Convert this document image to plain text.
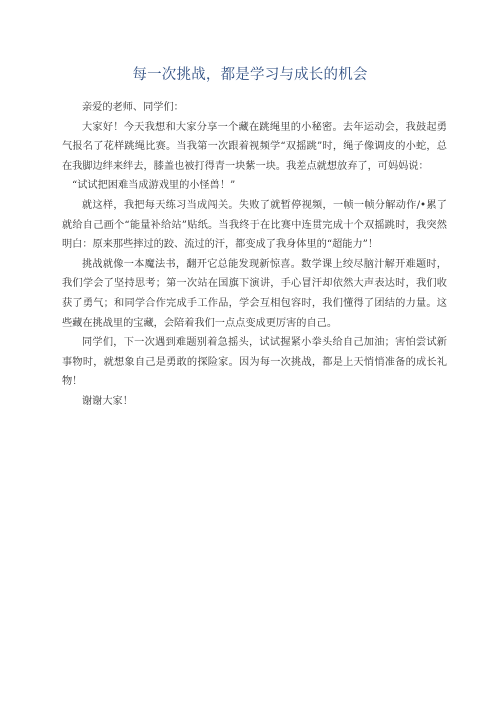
每一次挑战，都是学习与成长的机会

亲爱的老师、同学们：

大家好！今天我想和大家分享一个藏在跳绳里的小秘密。去年运动会，我鼓起勇气报名了花样跳绳比赛。当我第一次跟着视频学“双摇跳”时，绳子像调皮的小蛇，总在我脚边绊来绊去，膝盖也被打得青一块紫一块。我差点就想放弃了，可妈妈说：

“试试把困难当成游戏里的小怪兽！”

就这样，我把每天练习当成闯关。失败了就暂停视频，一帧一帧分解动作/•累了就给自己画个“能量补给站”贴纸。当我终于在比赛中连贯完成十个双摇跳时，我突然明白：原来那些摔过的跤、流过的汗，都变成了我身体里的“超能力”！

挑战就像一本魔法书，翻开它总能发现新惊喜。数学课上绞尽脑汁解开难题时，我们学会了坚持思考；第一次站在国旗下演讲，手心冒汗却依然大声表达时，我们收获了勇气；和同学合作完成手工作品，学会互相包容时，我们懂得了团结的力量。这些藏在挑战里的宝藏，会陪着我们一点点变成更厉害的自己。

同学们，下一次遇到难题别着急摇头，试试握紧小拳头给自己加油；害怕尝试新事物时，就想象自己是勇敢的探险家。因为每一次挑战，都是上天悄悄准备的成长礼物！

谢谢大家！
